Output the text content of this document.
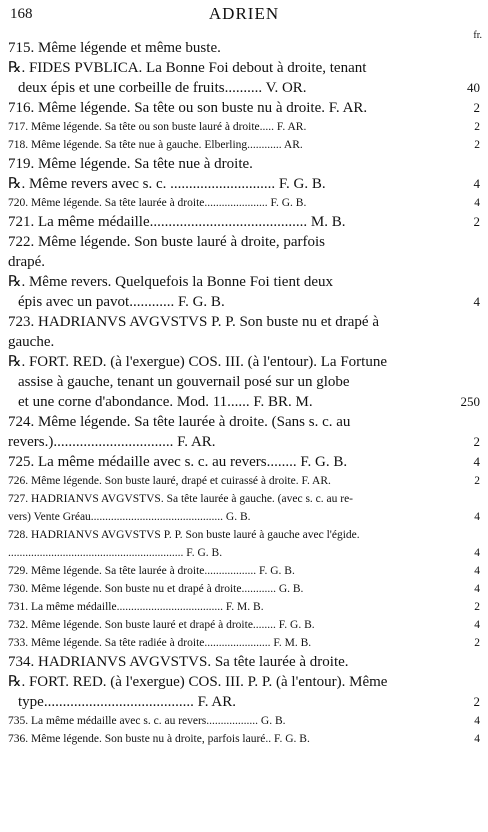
168	ADRIEN
fr.
715. Même légende et même buste.
℞. FIDES PVBLICA. La Bonne Foi debout à droite, tenant
deux épis et une corbeille de fruits.......... V. OR.	40
716. Même légende. Sa tête ou son buste nu à droite. F. AR.	2
717. Même légende. Sa tête ou son buste lauré à droite..... F. AR.	2
718. Même légende. Sa tête nue à gauche. Elberling............ AR.	2
719. Même légende. Sa tête nue à droite.
℞. Même revers avec s. c. ............................ F. G. B.	4
720. Même légende. Sa tête laurée à droite...................... F. G. B.	4
721. La même médaille.......................................... M. B.	2
722. Même légende. Son buste lauré à droite, parfois
drapé.
℞. Même revers. Quelquefois la Bonne Foi tient deux
épis avec un pavot............ F. G. B.	4
723. HADRIANVS AVGVSTVS P. P. Son buste nu et drapé à
gauche.
℞. FORT. RED. (à l'exergue) COS. III. (à l'entour). La Fortune
assise à gauche, tenant un gouvernail posé sur un globe
et une corne d'abondance. Mod. 11...... F. BR. M.	250
724. Même légende. Sa tête laurée à droite. (Sans s. c. au
revers.)................................ F. AR.	2
725. La même médaille avec s. c. au revers........ F. G. B.	4
726. Même légende. Son buste lauré, drapé et cuirassé à droite. F. AR.	2
727. HADRIANVS AVGVSTVS. Sa tête laurée à gauche. (avec s. c. au re-
vers) Vente Gréau.............................................. G. B.	4
728. HADRIANVS AVGVSTVS P. P. Son buste lauré à gauche avec l'égide.
............................................................. F. G. B.	4
729. Même légende. Sa tête laurée à droite.................. F. G. B.	4
730. Même légende. Son buste nu et drapé à droite............ G. B.	4
731. La même médaille..................................... F. M. B.	2
732. Même légende. Son buste lauré et drapé à droite........ F. G. B.	4
733. Même légende. Sa tête radiée à droite....................... F. M. B.	2
734. HADRIANVS AVGVSTVS. Sa tête laurée à droite.
℞. FORT. RED. (à l'exergue) COS. III. P. P. (à l'entour). Même
type........................................ F. AR.	2
735. La même médaille avec s. c. au revers.................. G. B.	4
736. Même légende. Son buste nu à droite, parfois lauré.. F. G. B.	4
